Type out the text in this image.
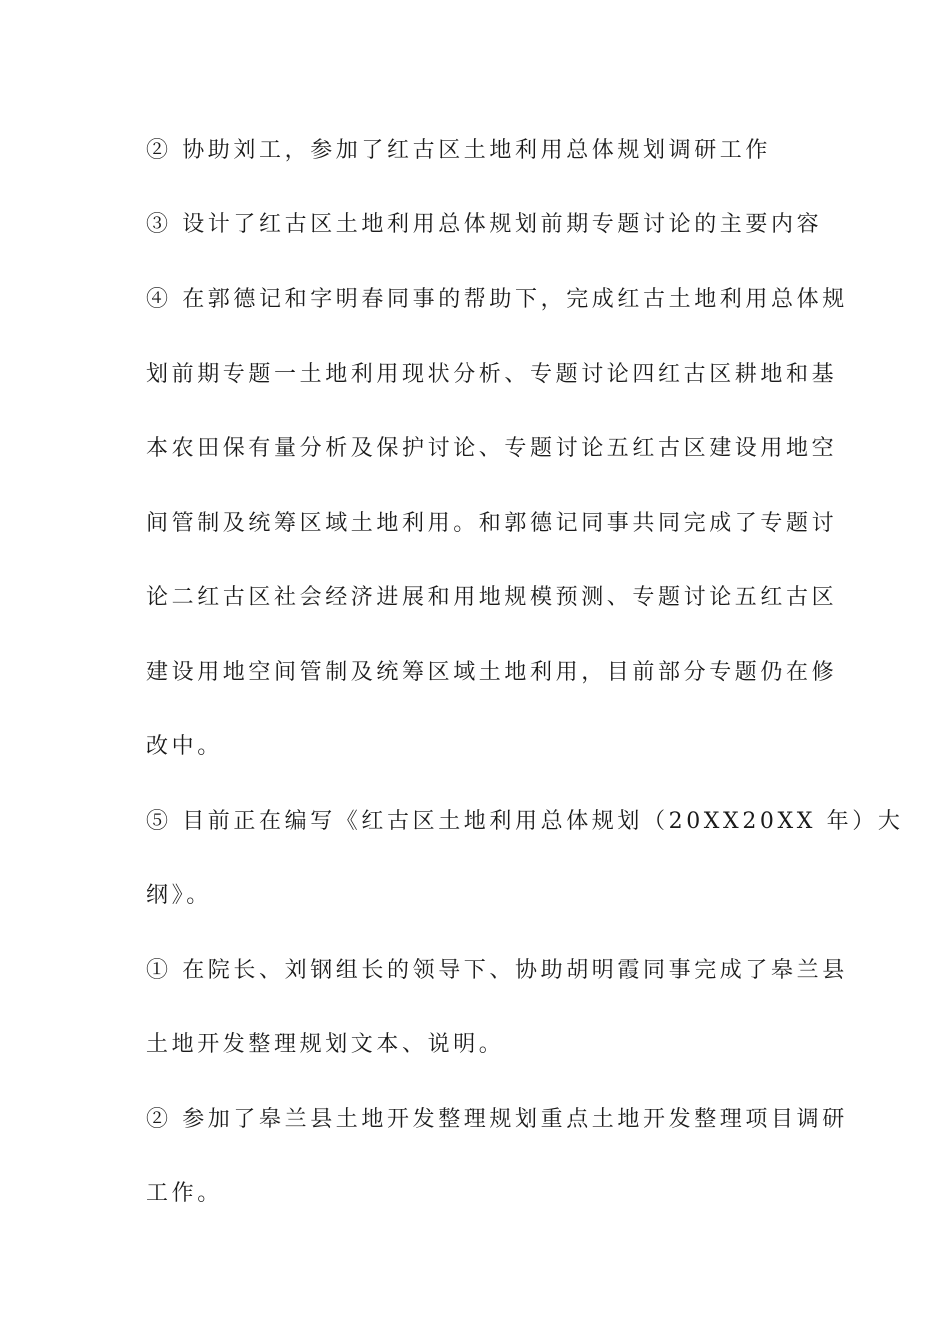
② 协助刘工，参加了红古区土地利用总体规划调研工作
③ 设计了红古区土地利用总体规划前期专题讨论的主要内容
④ 在郭德记和字明春同事的帮助下，完成红古土地利用总体规
划前期专题一土地利用现状分析、专题讨论四红古区耕地和基
本农田保有量分析及保护讨论、专题讨论五红古区建设用地空
间管制及统筹区域土地利用。和郭德记同事共同完成了专题讨
论二红古区社会经济进展和用地规模预测、专题讨论五红古区
建设用地空间管制及统筹区域土地利用，目前部分专题仍在修
改中。
⑤ 目前正在编写《红古区土地利用总体规划（20XX20XX 年）大
纲》。
① 在院长、刘钢组长的领导下、协助胡明霞同事完成了皋兰县
土地开发整理规划文本、说明。
② 参加了皋兰县土地开发整理规划重点土地开发整理项目调研
工作。
